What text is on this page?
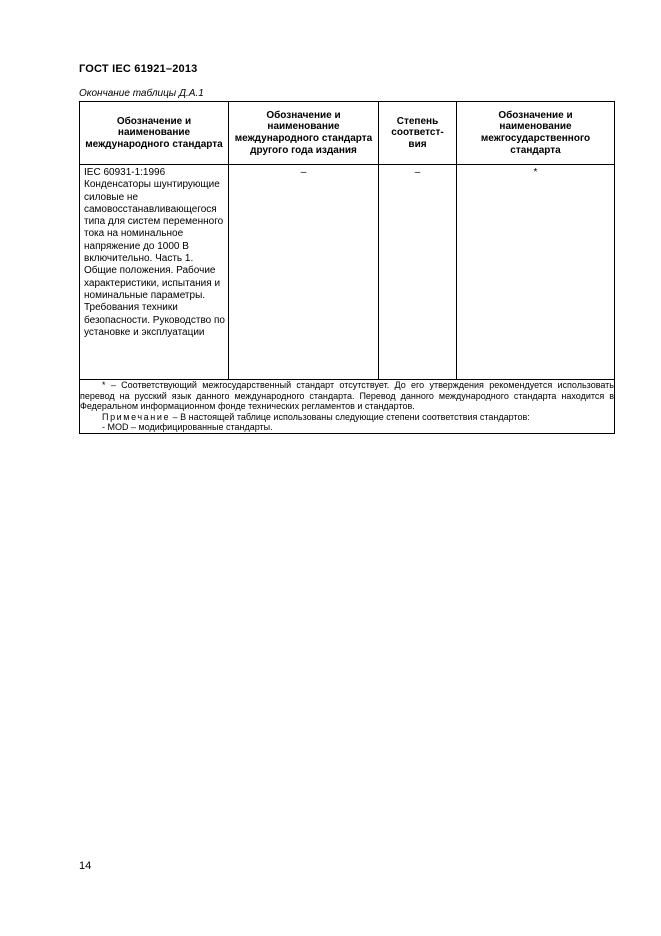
ГОСТ IEC 61921–2013
Окончание таблицы Д.А.1
Обозначение и наименование международного стандарта	Обозначение и наименование международного стандарта другого года издания	Степень соответст- вия	Обозначение и наименование межгосударственного стандарта

IEC 60931-1:1996 Конденсаторы шунтирующие силовые не самовосстанавливающегося типа для систем переменного тока на номинальное напряжение до 1000 В включительно. Часть 1. Общие положения. Рабочие характеристики, испытания и номинальные параметры. Требования техники безопасности. Руководство по установке и эксплуатации	–	–	*

* – Соответствующий межгосударственный стандарт отсутствует. До его утверждения рекомендуется использовать перевод на русский язык данного международного стандарта. Перевод данного международного стандарта находится в Федеральном информационном фонде технических регламентов и стандартов.

Примечание – В настоящей таблице использованы следующие степени соответствия стандартов:

- MOD – модифицированные стандарты.			

14
